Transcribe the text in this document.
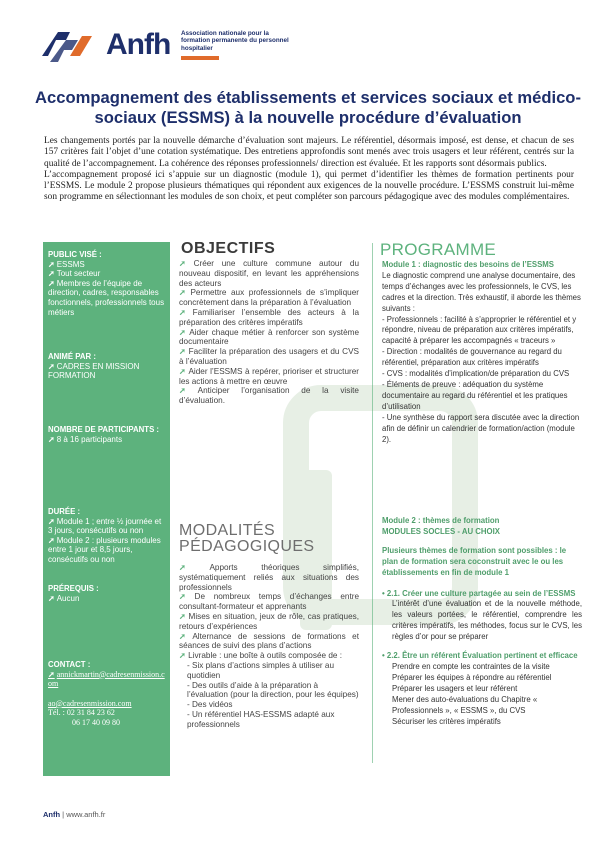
Anfh Association nationale pour la formation permanente du personnel hospitalier
Accompagnement des établissements et services sociaux et médico-sociaux (ESSMS) à la nouvelle procédure d’évaluation

Les changements portés par la nouvelle démarche d’évaluation sont majeurs. Le référentiel, désormais imposé, est dense, et chacun de ses 157 critères fait l’objet d’une cotation systématique. Des entretiens approfondis sont menés avec trois usagers et leur référent, centrés sur la qualité de l’accompagnement. La cohérence des réponses professionnels/ direction est évaluée. Et les rapports sont désormais publics.

L’accompagnement proposé ici s’appuie sur un diagnostic (module 1), qui permet d’identifier les thèmes de formation pertinents pour l’ESSMS. Le module 2 propose plusieurs thématiques qui répondent aux exigences de la nouvelle procédure. L’ESSMS construit lui-même son programme en sélectionnant les modules de son choix, et peut compléter son parcours pédagogique avec des modules complémentaires.

PUBLIC VISÉ :
➚ ESSMS
➚ Tout secteur
➚ Membres de l’équipe de direction, cadres, responsables fonctionnels, professionnels tous métiers
ANIMÉ PAR :
➚ CADRES EN MISSION FORMATION
NOMBRE DE PARTICIPANTS :
➚ 8 à 16 participants
DURÉE :
➚ Module 1 ; entre ½ journée et 3 jours, consécutifs ou non
➚ Module 2 : plusieurs modules entre 1 jour et 8,5 jours, consécutifs ou non
PRÉREQUIS :
➚ Aucun
CONTACT :
➚ annickmartin@cadresenmission.com
ao@cadresenmission.com
Tél. : 02 31 84 23 62
06 17 40 09 80
OBJECTIFS
➚ Créer une culture commune autour du nouveau dispositif, en levant les appréhensions des acteurs
➚ Permettre aux professionnels de s’impliquer concrètement dans la préparation à l’évaluation
➚ Familiariser l’ensemble des acteurs à la préparation des critères impératifs
➚ Aider chaque métier à renforcer son système documentaire
➚ Faciliter la préparation des usagers et du CVS à l’évaluation
➚ Aider l’ESSMS à repérer, prioriser et structurer les actions à mettre en œuvre
➚ Anticiper l’organisation de la visite d’évaluation.
MODALITÉS
PÉDAGOGIQUES
➚ Apports théoriques simplifiés, systématiquement reliés aux situations des professionnels
➚ De nombreux temps d’échanges entre consultant-formateur et apprenants
➚ Mises en situation, jeux de rôle, cas pratiques, retours d’expériences
➚ Alternance de sessions de formations et séances de suivi des plans d’actions
➚ Livrable : une boîte à outils composée de :
- Six plans d’actions simples à utiliser au quotidien
- Des outils d’aide à la préparation à l’évaluation (pour la direction, pour les équipes)
- Des vidéos
- Un référentiel HAS-ESSMS adapté aux professionnels
PROGRAMME
Module 1 : diagnostic des besoins de l’ESSMS
Le diagnostic comprend une analyse documentaire, des temps d’échanges avec les professionnels, le CVS, les cadres et la direction. Très exhaustif, il aborde les thèmes suivants :
- Professionnels : facilité à s’approprier le référentiel et y répondre, niveau de préparation aux critères impératifs, capacité à préparer les accompagnés « traceurs »
- Direction : modalités de gouvernance au regard du référentiel, préparation aux critères impératifs
- CVS : modalités d’implication/de préparation du CVS
- Éléments de preuve : adéquation du système documentaire au regard du référentiel et les pratiques d’utilisation
- Une synthèse du rapport sera discutée avec la direction afin de définir un calendrier de formation/action (module 2).
Module 2 : thèmes de formation
MODULES SOCLES - AU CHOIX
Plusieurs thèmes de formation sont possibles : le plan de formation sera coconstruit avec le ou les établissements en fin de module 1
• 2.1. Créer une culture partagée au sein de l’ESSMS
L’intérêt d’une évaluation et de la nouvelle méthode, les valeurs portées, le référentiel, comprendre les critères impératifs, les méthodes, focus sur le CVS, les règles d’or pour se préparer
• 2.2. Être un référent Évaluation pertinent et efficace
Prendre en compte les contraintes de la visite
Préparer les équipes à répondre au référentiel
Préparer les usagers et leur référent
Mener des auto-évaluations du Chapitre « Professionnels », « ESSMS », du CVS
Sécuriser les critères impératifs
Anfh | www.anfh.fr
